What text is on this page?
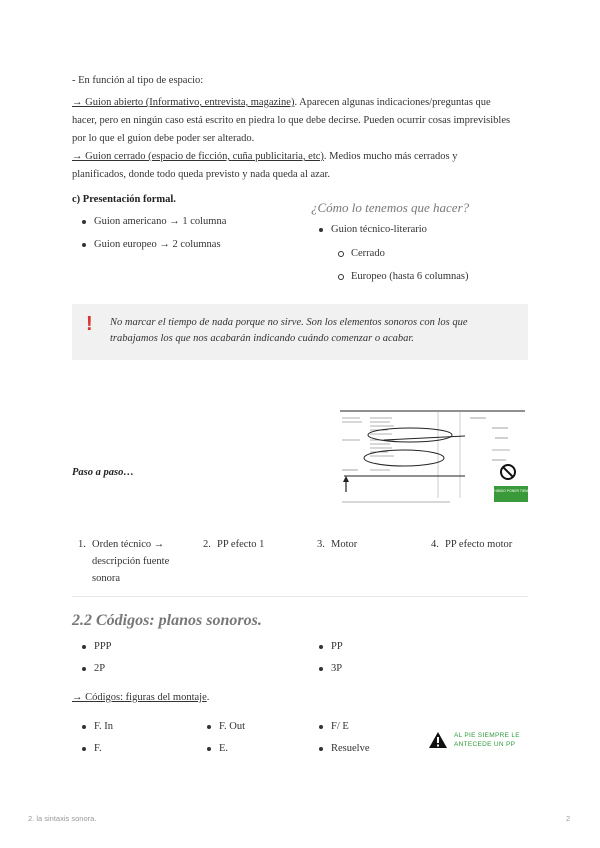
- En función al tipo de espacio:

→ Guion abierto (Informativo, entrevista, magazine). Aparecen algunas indicaciones/preguntas que

hacer, pero en ningún caso está escrito en piedra lo que debe decirse. Pueden ocurrir cosas imprevisibles

por lo que el guion debe poder ser alterado.

→ Guion cerrado (espacio de ficción, cuña publicitaria, etc). Medios mucho más cerrados y

planificados, donde todo queda previsto y nada queda al azar.

c) Presentación formal.

Guion americano → 1 columna
Guion europeo → 2 columnas

¿Cómo lo tenemos que hacer?

Guion técnico-literario
Cerrado
Europeo (hasta 6 columnas)
! No marcar el tiempo de nada porque no sirve. Son los elementos sonoros con los que

trabajamos los que nos acabarán indicando cuándo comenzar o acabar.

Paso a paso…

PROHIBIDO PONER TIEMPOS
1. Orden técnico →
descripción fuente
sonora
2. PP efecto 1	3. Motor	4. PP efecto motor

2.2 Códigos: planos sonoros.

PPP
2P
PP
3P

→ Códigos: figuras del montaje.

F. In
F.
F. Out
E.
F/ E
Resuelve
AL PIE SIEMPRE LE
ANTECEDE UN PP

2. la sintaxis sonora.	2
